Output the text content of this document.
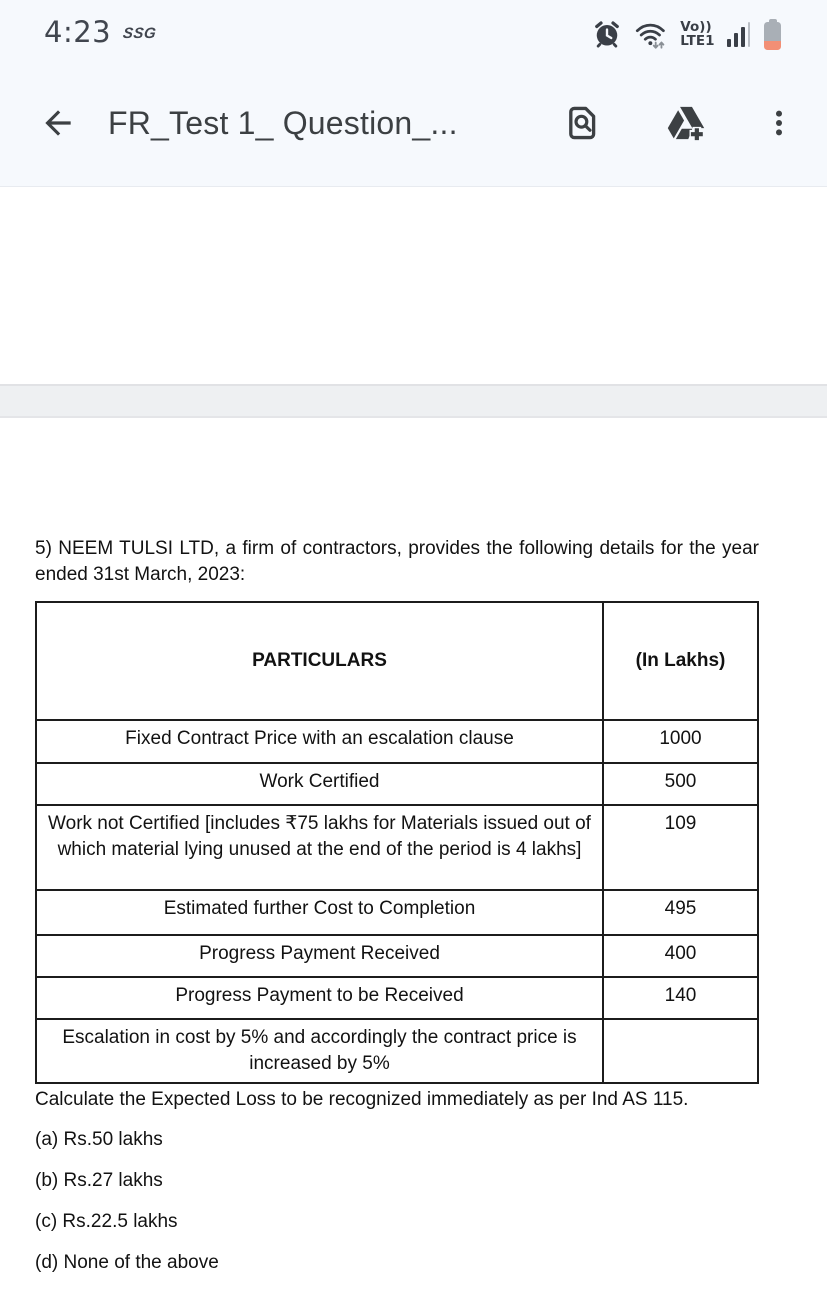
4:23 SSG	Vo))
LTE1
FR_Test 1_ Question_...

5) NEEM TULSI LTD, a firm of contractors, provides the following details for the year ended 31st March, 2023:

PARTICULARS	(In Lakhs)
Fixed Contract Price with an escalation clause	1000
Work Certified	500
Work not Certified [includes ₹75 lakhs for Materials issued out of which material lying unused at the end of the period is 4 lakhs]	109
Estimated further Cost to Completion	495
Progress Payment Received	400
Progress Payment to be Received	140
Escalation in cost by 5% and accordingly the contract price is increased by 5%	

Calculate the Expected Loss to be recognized immediately as per Ind AS 115.

(a) Rs.50 lakhs
(b) Rs.27 lakhs
(c) Rs.22.5 lakhs
(d) None of the above
